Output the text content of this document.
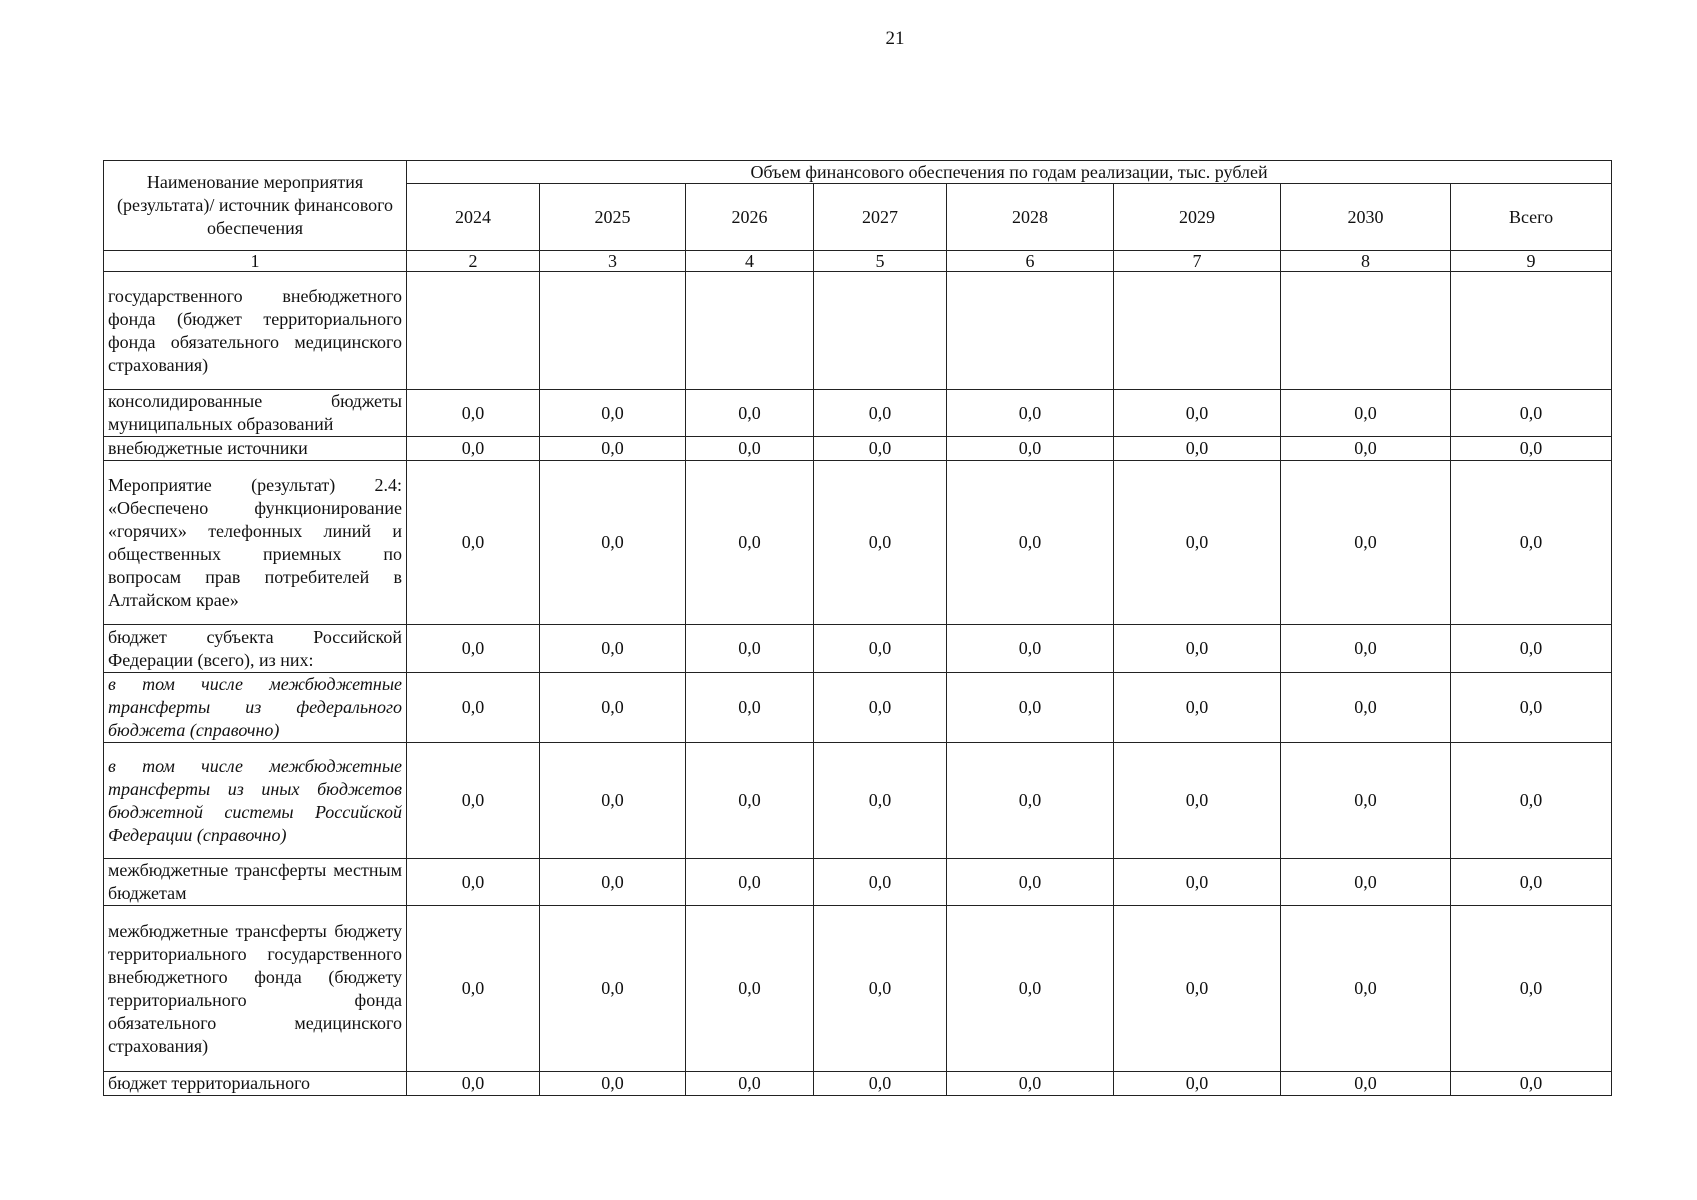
21
Наименование мероприятия (результата)/ источник финансового обеспечения	Объем финансового обеспечения по годам реализации, тыс. рублей							
	2024	2025	2026	2027	2028	2029	2030	Всего
1	2	3	4	5	6	7	8	9
государственного внебюджетного фонда (бюджет территориального фонда обязательного медицинского страхования)								
консолидированные бюджеты муниципальных образований	0,0	0,0	0,0	0,0	0,0	0,0	0,0	0,0
внебюджетные источники	0,0	0,0	0,0	0,0	0,0	0,0	0,0	0,0
Мероприятие (результат) 2.4: «Обеспечено функционирование «горячих» телефонных линий и общественных приемных по вопросам прав потребителей в Алтайском крае»	0,0	0,0	0,0	0,0	0,0	0,0	0,0	0,0
бюджет субъекта Российской Федерации (всего), из них:	0,0	0,0	0,0	0,0	0,0	0,0	0,0	0,0
в том числе межбюджетные трансферты из федерального бюджета (справочно)	0,0	0,0	0,0	0,0	0,0	0,0	0,0	0,0
в том числе межбюджетные трансферты из иных бюджетов бюджетной системы Российской Федерации (справочно)	0,0	0,0	0,0	0,0	0,0	0,0	0,0	0,0
межбюджетные трансферты местным бюджетам	0,0	0,0	0,0	0,0	0,0	0,0	0,0	0,0
межбюджетные трансферты бюджету территориального государственного внебюджетного фонда (бюджету территориального фонда обязательного медицинского страхования)	0,0	0,0	0,0	0,0	0,0	0,0	0,0	0,0
бюджет территориального	0,0	0,0	0,0	0,0	0,0	0,0	0,0	0,0
